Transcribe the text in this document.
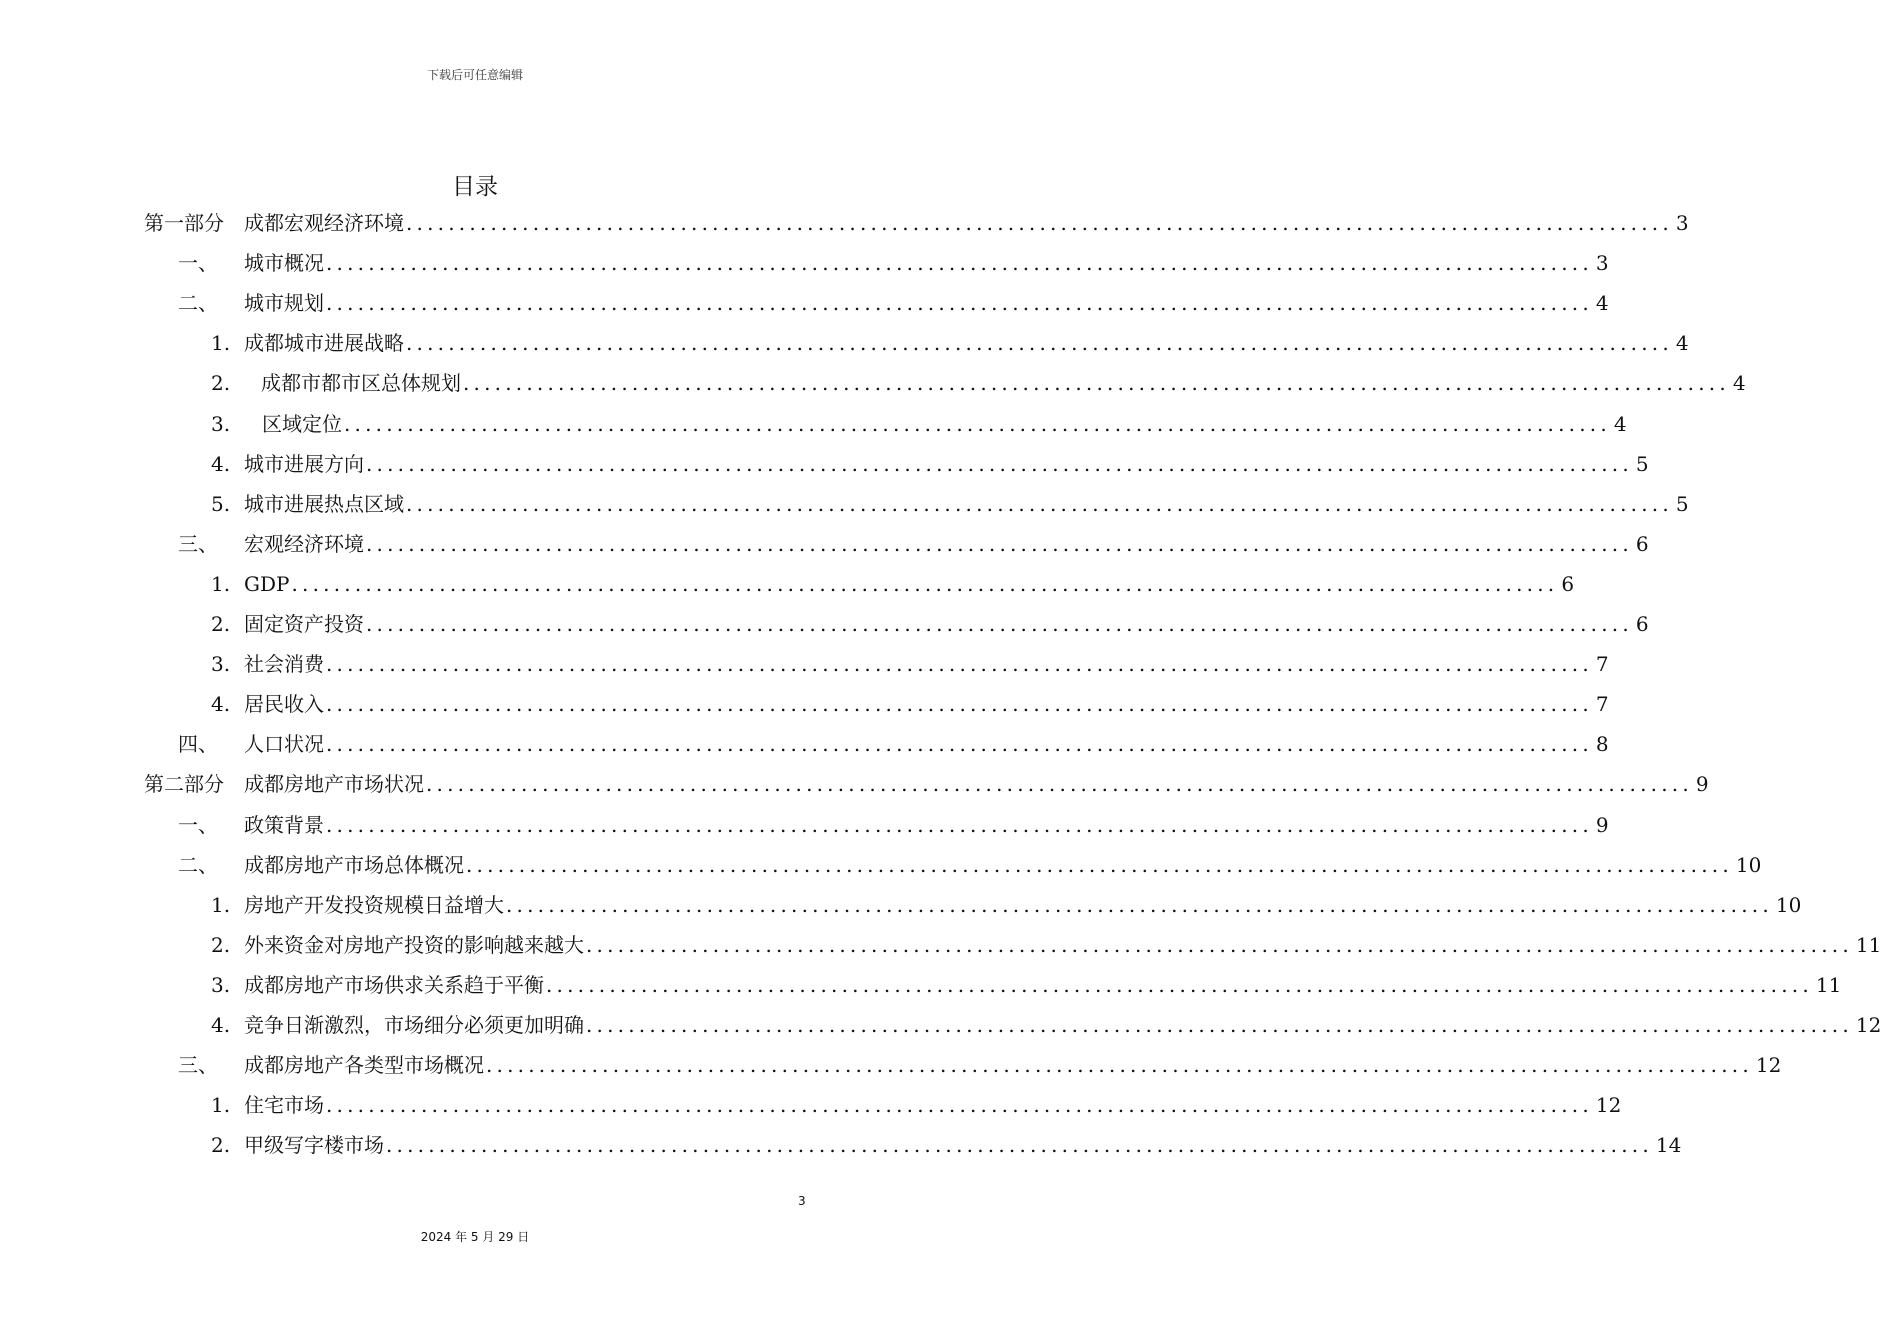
下载后可任意编辑
目录
第一部分 成都宏观经济环境 ........................................................................................................................ 3
一、 城市概况 ........................................................................................................................ 3
二、 城市规划 ........................................................................................................................ 4
1. 成都城市进展战略 ........................................................................................................................ 4
2. 成都市都市区总体规划 ........................................................................................................................ 4
3. 区域定位 ........................................................................................................................ 4
4. 城市进展方向 ........................................................................................................................ 5
5. 城市进展热点区域 ........................................................................................................................ 5
三、 宏观经济环境 ........................................................................................................................ 6
1. GDP ........................................................................................................................ 6
2. 固定资产投资 ........................................................................................................................ 6
3. 社会消费 ........................................................................................................................ 7
4. 居民收入 ........................................................................................................................ 7
四、 人口状况 ........................................................................................................................ 8
第二部分 成都房地产市场状况 ........................................................................................................................ 9
一、 政策背景 ........................................................................................................................ 9
二、 成都房地产市场总体概况 ........................................................................................................................ 10
1. 房地产开发投资规模日益增大 ........................................................................................................................ 10
2. 外来资金对房地产投资的影响越来越大 ........................................................................................................................ 11
3. 成都房地产市场供求关系趋于平衡 ........................................................................................................................ 11
4. 竞争日渐激烈，市场细分必须更加明确 ........................................................................................................................ 12
三、 成都房地产各类型市场概况 ........................................................................................................................ 12
1. 住宅市场 ........................................................................................................................ 12
2. 甲级写字楼市场 ........................................................................................................................ 14
3
2024 年 5 月 29 日
